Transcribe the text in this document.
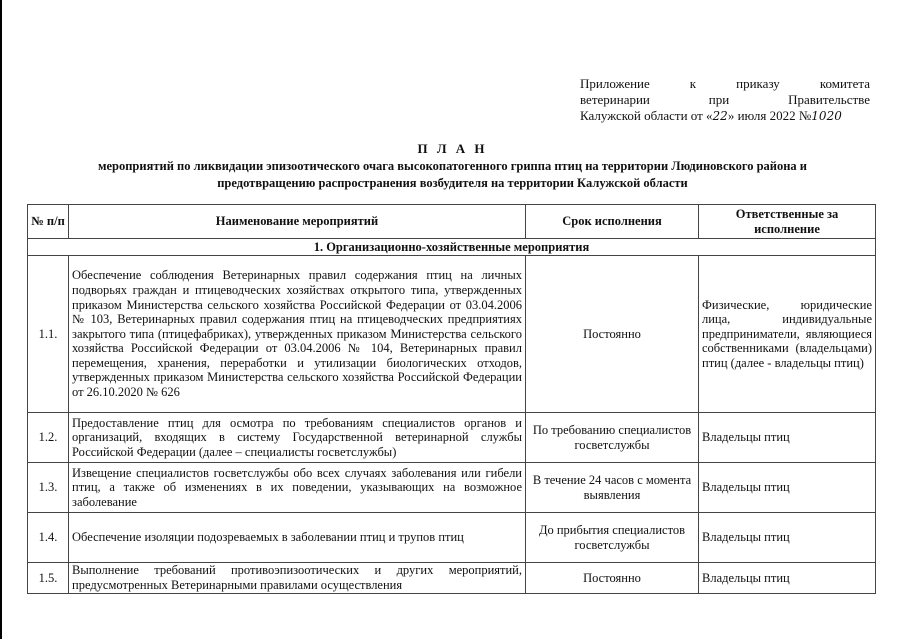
Приложение	к	приказу	комитета
ветеринарии	при	Правительстве
Калужской области от « 22 » июля 2022 № 1020
П Л А Н
мероприятий по ликвидации эпизоотического очага высокопатогенного гриппа птиц на территории Людиновского района и предотвращению распространения возбудителя на территории Калужской области
№ п/п	Наименование мероприятий	Срок исполнения	Ответственные за исполнение
1. Организационно-хозяйственные мероприятия			
1.1.	Обеспечение соблюдения Ветеринарных правил содержания птиц на личных подворьях граждан и птицеводческих хозяйствах открытого типа, утвержденных приказом Министерства сельского хозяйства Российской Федерации от 03.04.2006 № 103, Ветеринарных правил содержания птиц на птицеводческих предприятиях закрытого типа (птицефабриках), утвержденных приказом Министерства сельского хозяйства Российской Федерации от 03.04.2006 № 104, Ветеринарных правил перемещения, хранения, переработки и утилизации биологических отходов, утвержденных приказом Министерства сельского хозяйства Российской Федерации от 26.10.2020 № 626	Постоянно	Физические, юридические лица, индивидуальные предприниматели, являющиеся собственниками (владельцами) птиц (далее - владельцы птиц)
1.2.	Предоставление птиц для осмотра по требованиям специалистов органов и организаций, входящих в систему Государственной ветеринарной службы Российской Федерации (далее – специалисты госветслужбы)	По требованию специалистов госветслужбы	Владельцы птиц
1.3.	Извещение специалистов госветслужбы обо всех случаях заболевания или гибели птиц, а также об изменениях в их поведении, указывающих на возможное заболевание	В течение 24 часов с момента выявления	Владельцы птиц
1.4.	Обеспечение изоляции подозреваемых в заболевании птиц и трупов птиц	До прибытия специалистов госветслужбы	Владельцы птиц
1.5.	Выполнение требований противоэпизоотических и других мероприятий, предусмотренных Ветеринарными правилами осуществления	Постоянно	Владельцы птиц
